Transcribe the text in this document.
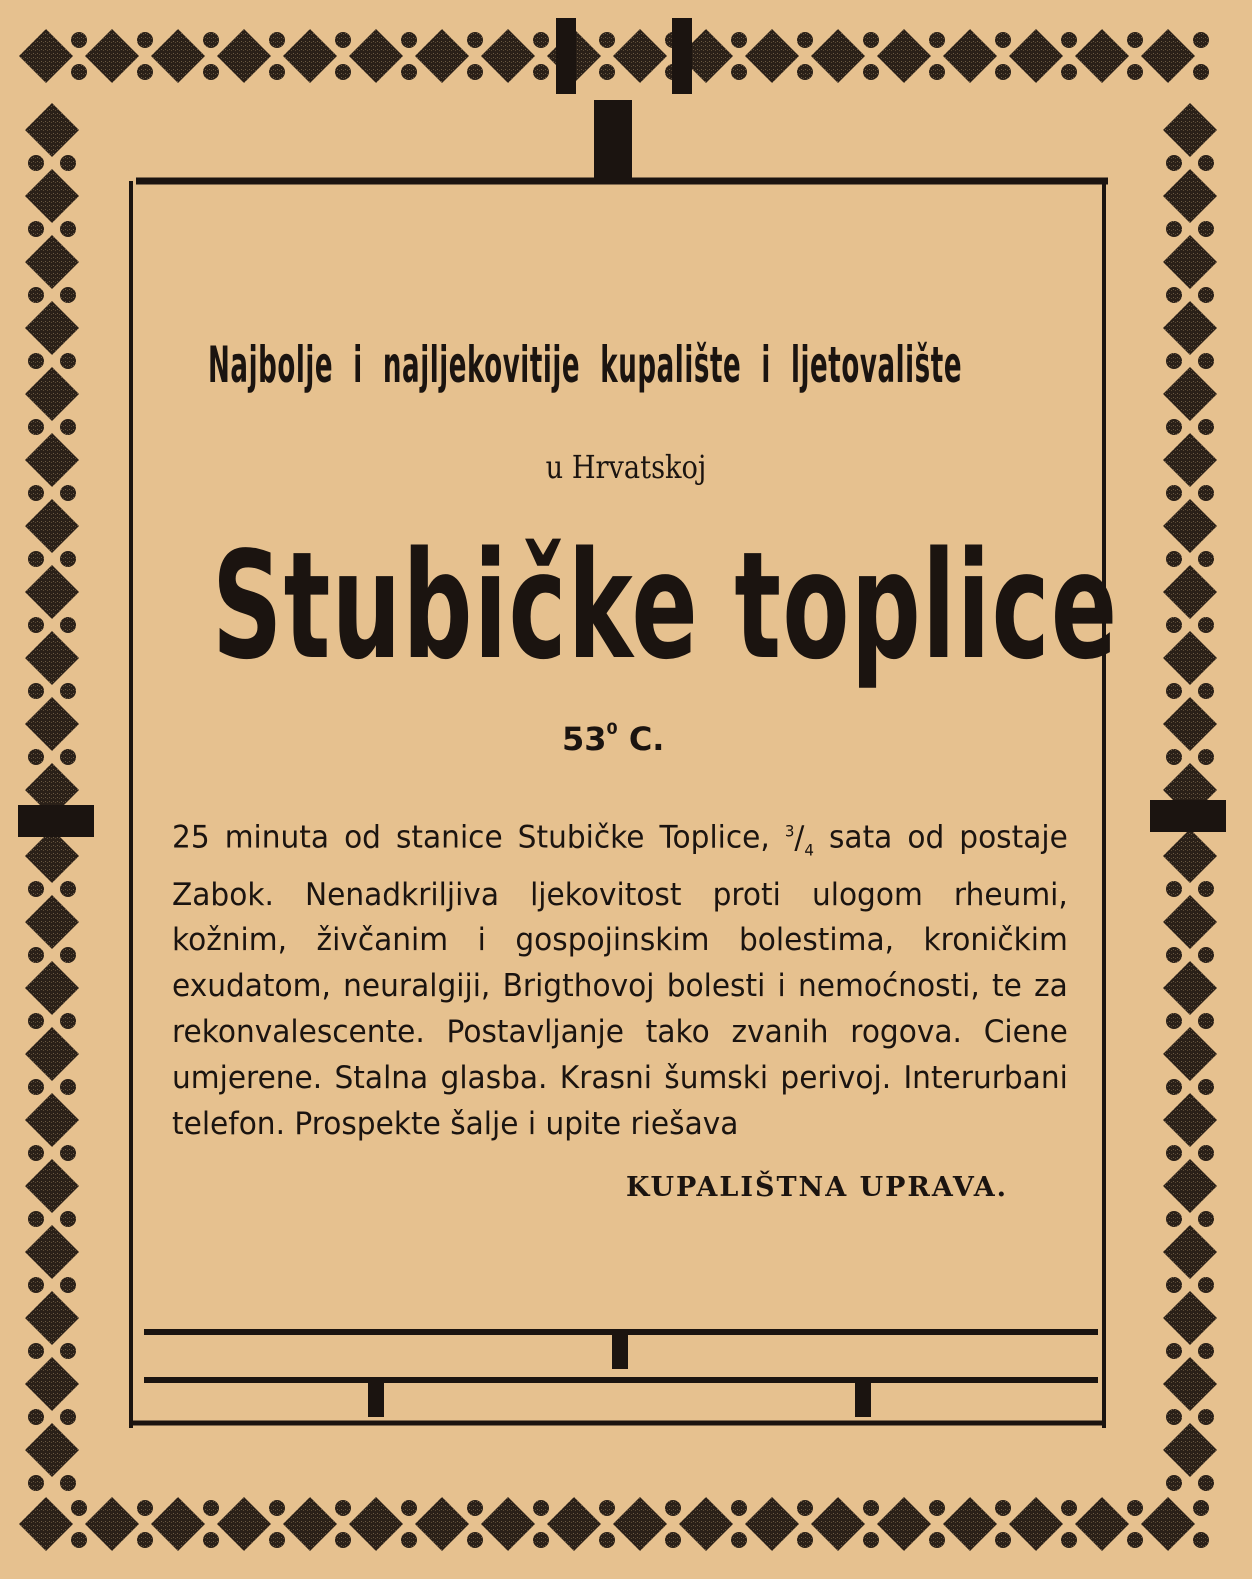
Najbolje i najljekovitije kupalište i ljetovalište
u Hrvatskoj
Stubičke toplice
$53^0$ C.
25 minuta od stanice Stubičke Toplice, $^3/_4$ sata od postaje Zabok. Nenadkriljiva ljekovitost proti ulogom rheumi, kožnim, živčanim i gospojinskim bolestima, kroničkim exudatom, neuralgiji, Brigthovoj bolesti i nemoćnosti, te za rekonvalescente. Postavljanje tako zvanih rogova. Ciene umjerene. Stalna glasba. Krasni šumski perivoj. Interurbani telefon. Prospekte šalje i upite riešava
KUPALIŠTNA UPRAVA.
